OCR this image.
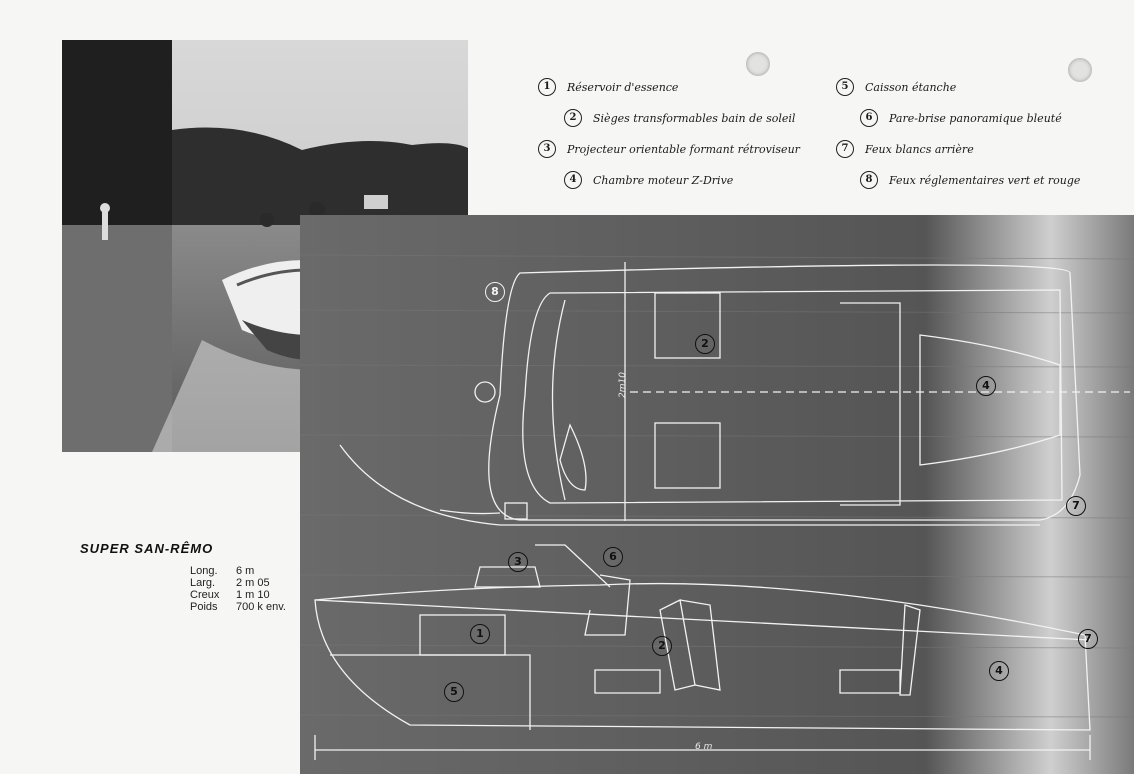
1	Réservoir d'essence
2	Sièges transformables bain de soleil
3	Projecteur orientable formant rétroviseur
4	Chambre moteur Z-Drive
5	Caisson étanche
6	Pare-brise panoramique bleuté
7	Feux blancs arrière
8	Feux réglementaires vert et rouge
2m10
6 m
8
2
4
7
3	6
1
2
5
4
7
SUPER SAN-RÊMO
Long.	6 m
Larg.	2 m 05
Creux	1 m 10
Poids	700 k env.
